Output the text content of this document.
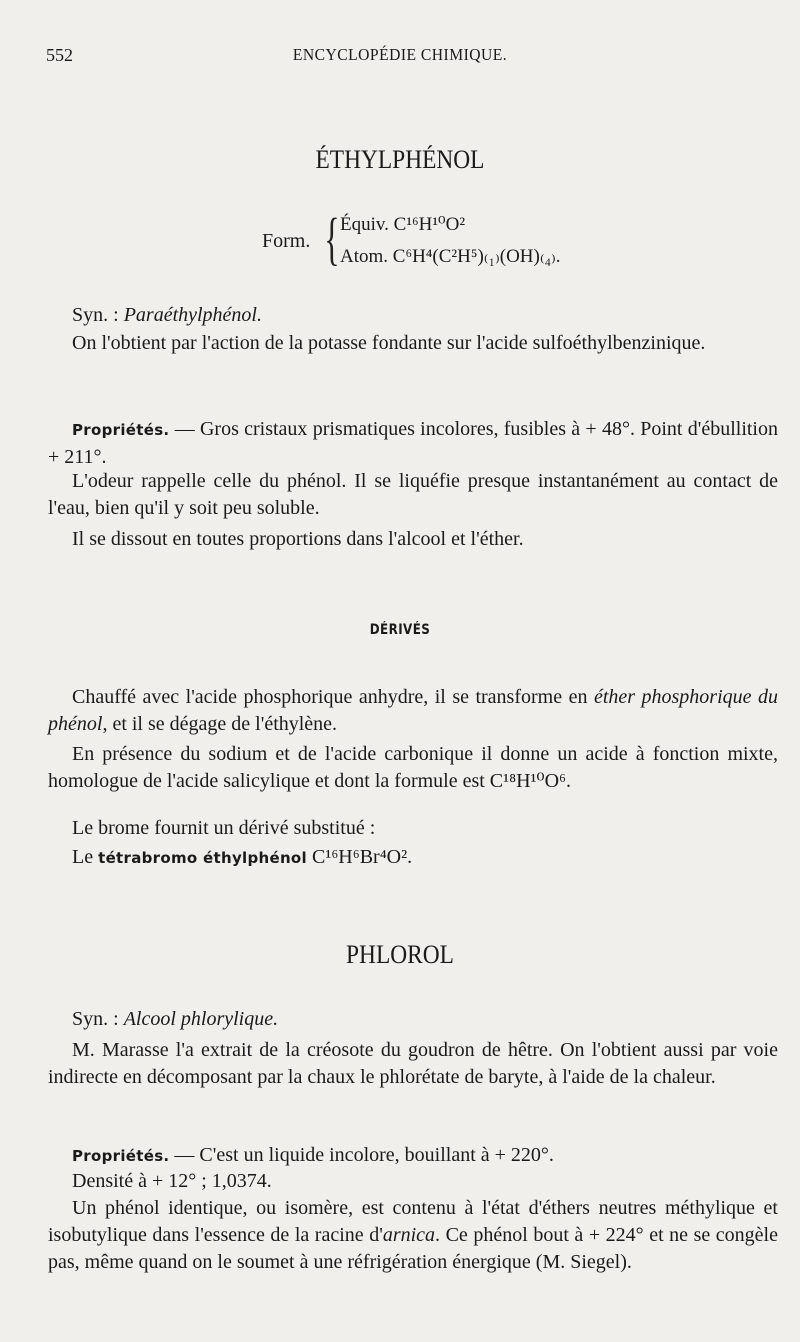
552	ENCYCLOPÉDIE CHIMIQUE.
ÉTHYLPHÉNOL
Form. { Équiv. C¹⁶H¹⁰O²
Atom. C⁶H⁴(C²H⁵)₍₁₎(OH)₍₄₎.

Syn. : Paraéthylphénol.

On l'obtient par l'action de la potasse fondante sur l'acide sulfoéthylbenzinique.

Propriétés. — Gros cristaux prismatiques incolores, fusibles à + 48°. Point d'ébullition + 211°.

L'odeur rappelle celle du phénol. Il se liquéfie presque instantanément au contact de l'eau, bien qu'il y soit peu soluble.

Il se dissout en toutes proportions dans l'alcool et l'éther.

DÉRIVÉS

Chauffé avec l'acide phosphorique anhydre, il se transforme en éther phosphorique du phénol, et il se dégage de l'éthylène.

En présence du sodium et de l'acide carbonique il donne un acide à fonction mixte, homologue de l'acide salicylique et dont la formule est C¹⁸H¹⁰O⁶.

Le brome fournit un dérivé substitué :

Le tétrabromo éthylphénol C¹⁶H⁶Br⁴O².

PHLOROL

Syn. : Alcool phlorylique.

M. Marasse l'a extrait de la créosote du goudron de hêtre. On l'obtient aussi par voie indirecte en décomposant par la chaux le phlorétate de baryte, à l'aide de la chaleur.

Propriétés. — C'est un liquide incolore, bouillant à + 220°.

Densité à + 12° ; 1,0374.

Un phénol identique, ou isomère, est contenu à l'état d'éthers neutres méthylique et isobutylique dans l'essence de la racine d'arnica. Ce phénol bout à + 224° et ne se congèle pas, même quand on le soumet à une réfrigération énergique (M. Siegel).
